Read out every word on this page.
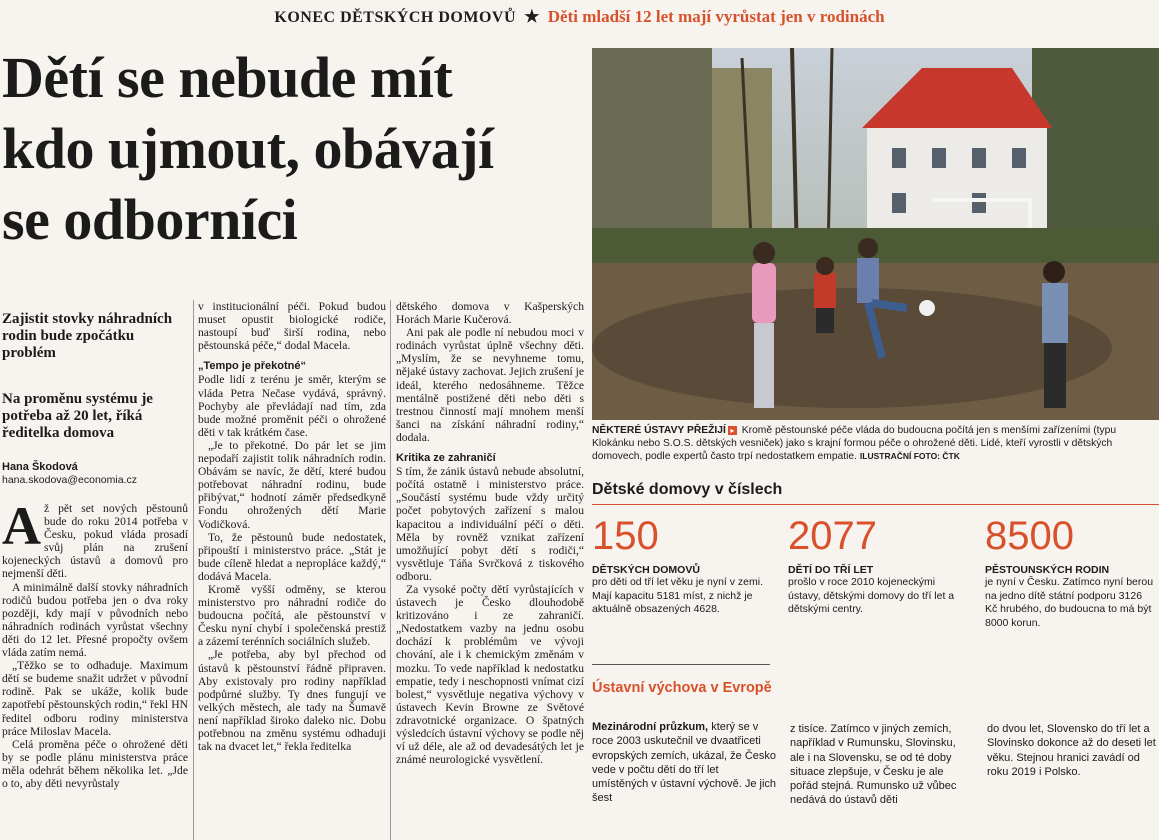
KONEC DĚTSKÝCH DOMOVŮ ★ Děti mladší 12 let mají vyrůstat jen v rodinách
Dětí se nebude mít
kdo ujmout, obávají
se odborníci
Zajistit stovky náhradních rodin bude zpočátku problém
Na proměnu systému je potřeba až 20 let, říká ředitelka domova
Hana Škodová
hana.skodova@economia.cz
A ž pět set nových pěstounů bude do roku 2014 potřeba v Česku, pokud vláda prosadí svůj plán na zrušení kojeneckých ústavů a domovů pro nejmenší děti.

A minimálně další stovky náhradních rodičů budou potřeba jen o dva roky později, kdy mají v původních nebo náhradních rodinách vyrůstat všechny děti do 12 let. Přesné propočty ovšem vláda zatím nemá.

„Těžko se to odhaduje. Maximum dětí se budeme snažit udržet v původní rodině. Pak se ukáže, kolik bude zapotřebí pěstounských rodin,“ řekl HN ředitel odboru rodiny ministerstva práce Miloslav Macela.

Celá proměna péče o ohrožené děti by se podle plánu ministerstva práce měla odehrát během několika let. „Jde o to, aby děti nevyrůstaly

v institucionální péči. Pokud budou muset opustit biologické rodiče, nastoupí buď širší rodina, nebo pěstounská péče,“ dodal Macela.

„Tempo je překotné“

Podle lidí z terénu je směr, kterým se vláda Petra Nečase vydává, správný. Pochyby ale převládají nad tím, zda bude možné proměnit péči o ohrožené děti v tak krátkém čase.

„Je to překotné. Do pár let se jim nepodaří zajistit tolik náhradních rodin. Obávám se navíc, že dětí, které budou potřebovat náhradní rodinu, bude přibývat,“ hodnotí záměr předsedkyně Fondu ohrožených dětí Marie Vodičková.

To, že pěstounů bude nedostatek, připouští i ministerstvo práce. „Stát je bude cíleně hledat a nepropláce každý,“ dodává Macela.

Kromě vyšší odměny, se kterou ministerstvo pro náhradní rodiče do budoucna počítá, ale pěstounství v Česku nyní chybí i společenská prestiž a zázemí terénních sociálních služeb.

„Je potřeba, aby byl přechod od ústavů k pěstounství řádně připraven. Aby existovaly pro rodiny například podpůrné služby. Ty dnes fungují ve velkých městech, ale tady na Šumavě není například široko daleko nic. Dobu potřebnou na změnu systému odhaduji tak na dvacet let,“ řekla ředitelka

dětského domova v Kašperských Horách Marie Kučerová.

Ani pak ale podle ní nebudou moci v rodinách vyrůstat úplně všechny děti. „Myslím, že se nevyhneme tomu, nějaké ústavy zachovat. Jejich zrušení je ideál, kterého nedosáhneme. Těžce mentálně postižené děti nebo děti s trestnou činností mají mnohem menší šanci na získání náhradní rodiny,“ dodala.

Kritika ze zahraničí

S tím, že zánik ústavů nebude absolutní, počítá ostatně i ministerstvo práce. „Součástí systému bude vždy určitý počet pobytových zařízení s malou kapacitou a individuální péčí o děti. Měla by rovněž vznikat zařízení umožňující pobyt dětí s rodiči,“ vysvětluje Táňa Svrčková z tiskového odboru.

Za vysoké počty dětí vyrůstajících v ústavech je Česko dlouhodobě kritizováno i ze zahraničí. „Nedostatkem vazby na jednu osobu dochází k problémům ve vývoji chování, ale i k chemickým změnám v mozku. To vede například k nedostatku empatie, tedy i neschopnosti vnímat cizí bolest,“ vysvětluje negativa výchovy v ústavech Kevin Browne ze Světové zdravotnické organizace. O špatných výsledcích ústavní výchovy se podle něj ví už déle, ale až od devadesátých let je známé neurologické vysvětlení.

NĚKTERÉ ÚSTAVY PŘEŽIJÍ ▸ Kromě pěstounské péče vláda do budoucna počítá jen s menšími zařízeními (typu Klokánku nebo S.O.S. dětských vesniček) jako s krajní formou péče o ohrožené děti. Lidé, kteří vyrostli v dětských domovech, podle expertů často trpí nedostatkem empatie. ILUSTRAČNÍ FOTO: ČTK
Dětské domovy v číslech
150
DĚTSKÝCH DOMOVŮ
pro děti od tří let věku je nyní v zemi. Mají kapacitu 5181 míst, z nichž je aktuálně obsazených 4628.
2077
DĚTÍ DO TŘÍ LET
prošlo v roce 2010 kojeneckými ústavy, dětskými domovy do tří let a dětskými centry.
8500
PĚSTOUNSKÝCH RODIN
je nyní v Česku. Zatímco nyní berou na jedno dítě státní podporu 3126 Kč hrubého, do budoucna to má být 8000 korun.
Ústavní výchova v Evropě
Mezinárodní průzkum, který se v roce 2003 uskutečnil ve dvaatřiceti evropských zemích, ukázal, že Česko vede v počtu dětí do tří let umístěných v ústavní výchově. Je jich šest
z tisíce. Zatímco v jiných zemích, například v Rumunsku, Slovinsku, ale i na Slovensku, se od té doby situace zlepšuje, v Česku je ale pořád stejná. Rumunsko už vůbec nedává do ústavů děti
do dvou let, Slovensko do tří let a Slovinsko dokonce až do deseti let věku. Stejnou hranici zavádí od roku 2019 i Polsko.
